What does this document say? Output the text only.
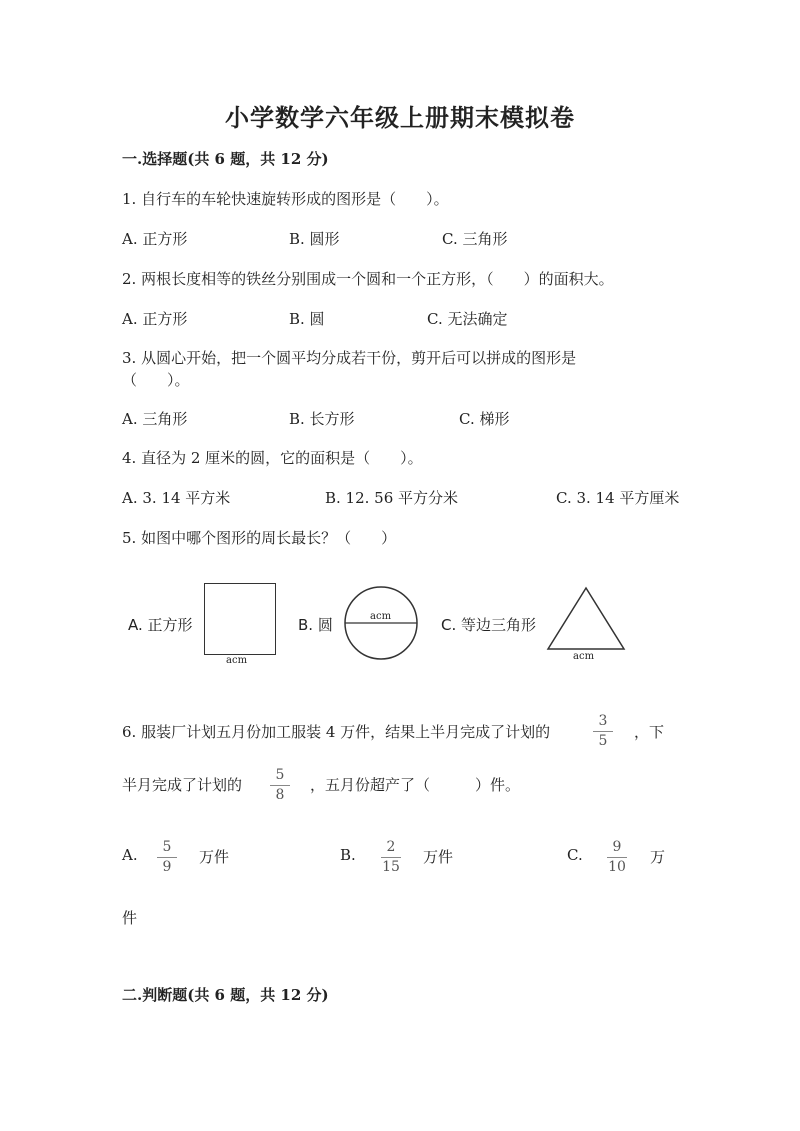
小学数学六年级上册期末模拟卷
一.选择题(共 6 题，共 12 分)
1. 自行车的车轮快速旋转形成的图形是（　　）。
A. 正方形	B. 圆形	C. 三角形
2. 两根长度相等的铁丝分别围成一个圆和一个正方形，（　　）的面积大。
A. 正方形	B. 圆	C. 无法确定
3. 从圆心开始，把一个圆平均分成若干份，剪开后可以拼成的图形是
（　　）。
A. 三角形	B. 长方形	C. 梯形
4. 直径为 2 厘米的圆，它的面积是（　　）。
A. 3. 14 平方米	B. 12. 56 平方分米	C. 3. 14 平方厘米
5. 如图中哪个图形的周长最长？（　　）
A. 正方形
acm
B. 圆	acm	C. 等边三角形
acm
6. 服装厂计划五月份加工服装 4 万件，结果上半月完成了计划的
3
5	，下
半月完成了计划的
5
8
，五月份超产了（　　　）件。
A.	5
9
万件	B.	2
15
万件	C.	9
10
万
件
二.判断题(共 6 题，共 12 分)
